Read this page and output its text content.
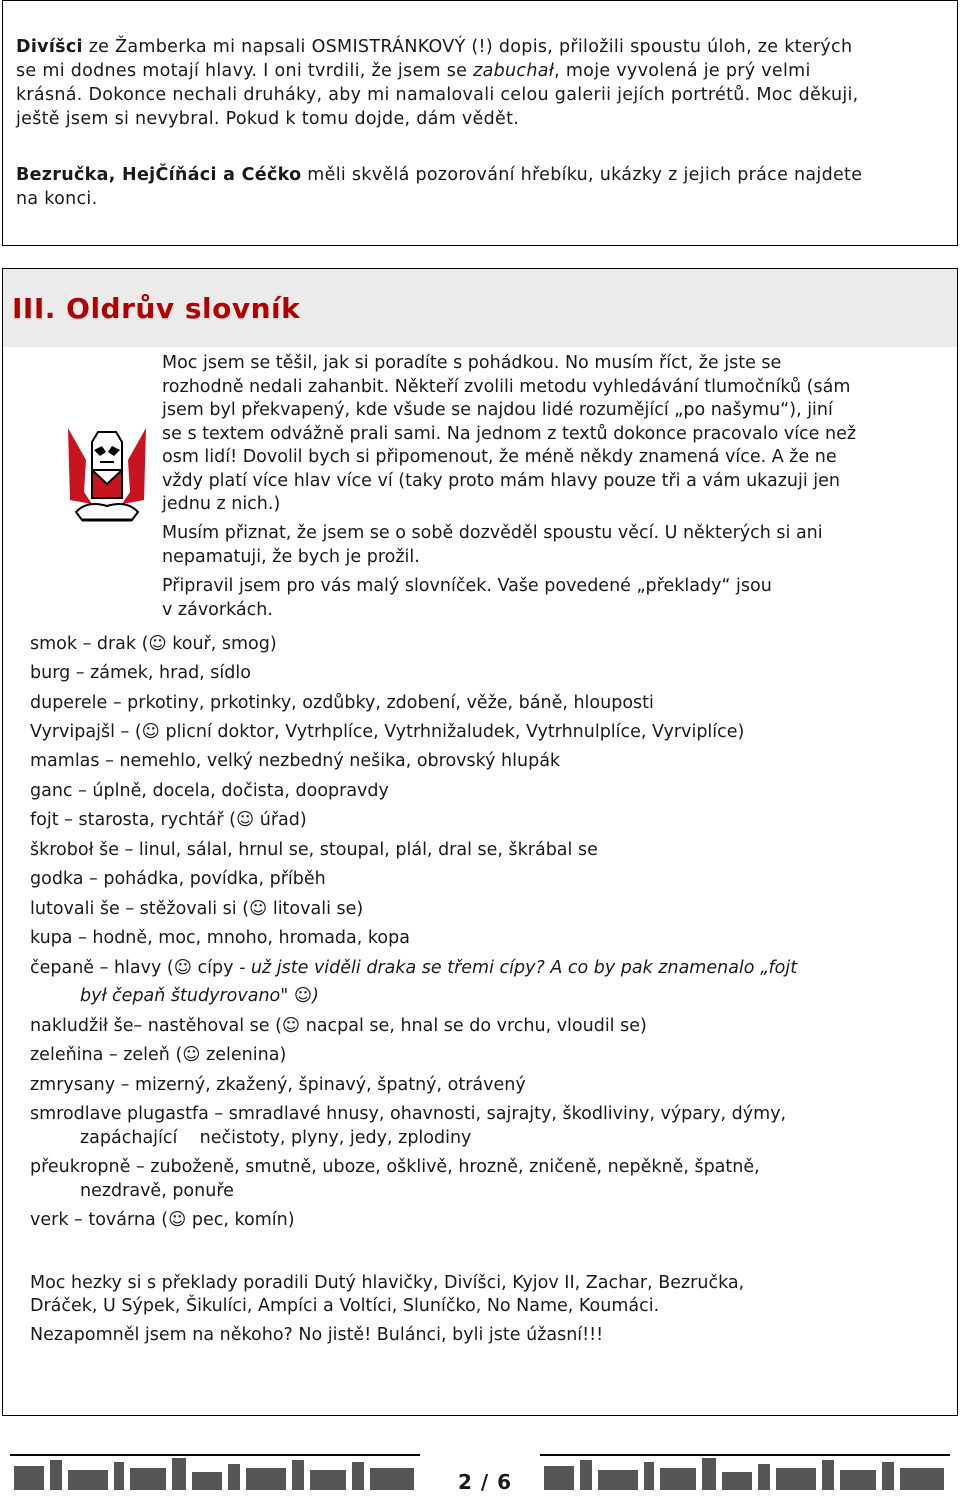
Divíšci ze Žamberka mi napsali OSMISTRÁNKOVÝ (!) dopis, přiložili spoustu úloh, ze kterých
se mi dodnes motají hlavy. I oni tvrdili, že jsem se zabuchał, moje vyvolená je prý velmi
krásná. Dokonce nechali druháky, aby mi namalovali celou galerii jejích portrétů. Moc děkuji,
ještě jsem si nevybral. Pokud k tomu dojde, dám vědět.
Bezručka, HejČíňáci a Céčko měli skvělá pozorování hřebíku, ukázky z jejich práce najdete
na konci.
III. Oldrův slovník
Moc jsem se těšil, jak si poradíte s pohádkou. No musím říct, že jste se
rozhodně nedali zahanbit. Někteří zvolili metodu vyhledávání tlumočníků (sám
jsem byl překvapený, kde všude se najdou lidé rozumějící „po našymu“), jiní
se s textem odvážně prali sami. Na jednom z textů dokonce pracovalo více než
osm lidí! Dovolil bych si připomenout, že méně někdy znamená více. A že ne
vždy platí více hlav více ví (taky proto mám hlavy pouze tři a vám ukazuji jen
jednu z nich.)
Musím přiznat, že jsem se o sobě dozvěděl spoustu věcí. U některých si ani
nepamatuji, že bych je prožil.
Připravil jsem pro vás malý slovníček. Vaše povedené „překlady“ jsou
v závorkách.
smok – drak (☺ kouř, smog)
burg – zámek, hrad, sídlo
duperele – prkotiny, prkotinky, ozdůbky, zdobení, věže, báně, hlouposti
Vyrvipajšl – (☺ plicní doktor, Vytrhplíce, Vytrhnižaludek, Vytrhnulplíce, Vyrviplíce)
mamlas – nemehlo, velký nezbedný nešika, obrovský hlupák
ganc – úplně, docela, dočista, doopravdy
fojt – starosta, rychtář (☺ úřad)
škroboł še – linul, sálal, hrnul se, stoupal, plál, dral se, škrábal se
godka – pohádka, povídka, příběh
lutovali še – stěžovali si (☺ litovali se)
kupa – hodně, moc, mnoho, hromada, kopa
čepaně – hlavy (☺ cípy - už jste viděli draka se třemi cípy? A co by pak znamenalo „fojt
był čepaň študyrovano" ☺)
nakludžił še– nastěhoval se (☺ nacpal se, hnal se do vrchu, vloudil se)
zeleňina – zeleň (☺ zelenina)
zmrysany – mizerný, zkažený, špinavý, špatný, otrávený
smrodlave plugastfa – smradlavé hnusy, ohavnosti, sajrajty, škodliviny, výpary, dýmy,
zapáchající    nečistoty, plyny, jedy, zplodiny
přeukropně – zuboženě, smutně, uboze, ošklivě, hrozně, zničeně, nepěkně, špatně,
nezdravě, ponuře
verk – továrna (☺ pec, komín)
Moc hezky si s překlady poradili Dutý hlavičky, Divíšci, Kyjov II, Zachar, Bezručka,
Dráček, U Sýpek, Šikulíci, Ampíci a Voltíci, Sluníčko, No Name, Koumáci.
Nezapomněl jsem na někoho? No jistě! Bulánci, byli jste úžasní!!!
2 / 6
